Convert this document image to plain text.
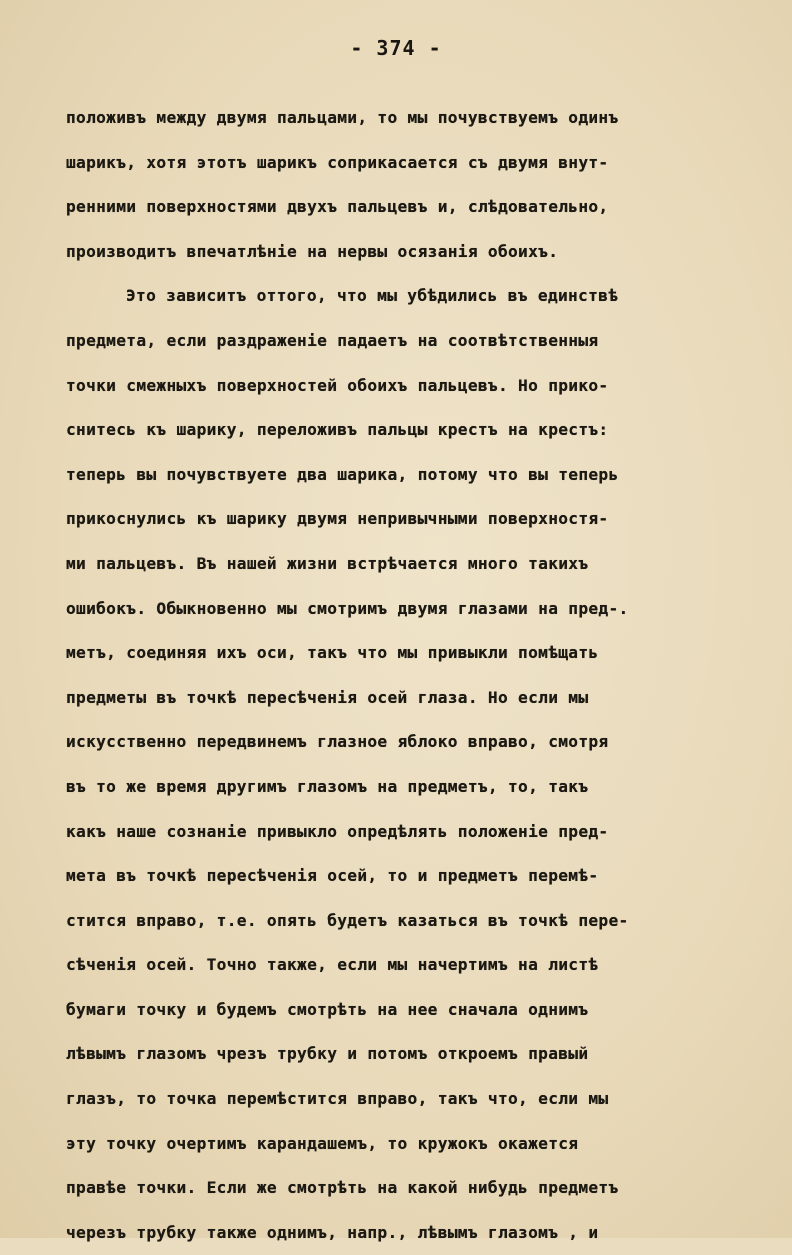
- 374 -
положивъ между двумя пальцами, то мы почувствуемъ одинъ
шарикъ, хотя этотъ шарикъ соприкасается съ двумя внут-
ренними поверхностями двухъ пальцевъ и, слѣдовательно,
производитъ впечатлѣніе на нервы осязанія обоихъ.
Это зависитъ оттого, что мы убѣдились въ единствѣ
предмета, если раздраженіе падаетъ на соотвѣтственныя
точки смежныхъ поверхностей обоихъ пальцевъ. Но прико-
снитесь къ шарику, переложивъ пальцы крестъ на крестъ:
теперь вы почувствуете два шарика, потому что вы теперь
прикоснулись къ шарику двумя непривычными поверхностя-
ми пальцевъ. Въ нашей жизни встрѣчается много такихъ
ошибокъ. Обыкновенно мы смотримъ двумя глазами на пред-.
метъ, соединяя ихъ оси, такъ что мы привыкли помѣщать
предметы въ точкѣ пересѣченія осей глаза. Но если мы
искусственно передвинемъ глазное яблоко вправо, смотря
въ то же время другимъ глазомъ на предметъ, то, такъ
какъ наше сознаніе привыкло опредѣлять положеніе пред-
мета въ точкѣ пересѣченія осей, то и предметъ перемѣ-
стится вправо, т.е. опять будетъ казаться въ точкѣ пере-
сѣченія осей. Точно также, если мы начертимъ на листѣ
бумаги точку и будемъ смотрѣть на нее сначала однимъ
лѣвымъ глазомъ чрезъ трубку и потомъ откроемъ правый
глазъ, то точка перемѣстится вправо, такъ что, если мы
эту точку очертимъ карандашемъ, то кружокъ окажется
правѣе точки. Если же смотрѣть на какой нибудь предметъ
черезъ трубку также однимъ, напр., лѣвымъ глазомъ , и
